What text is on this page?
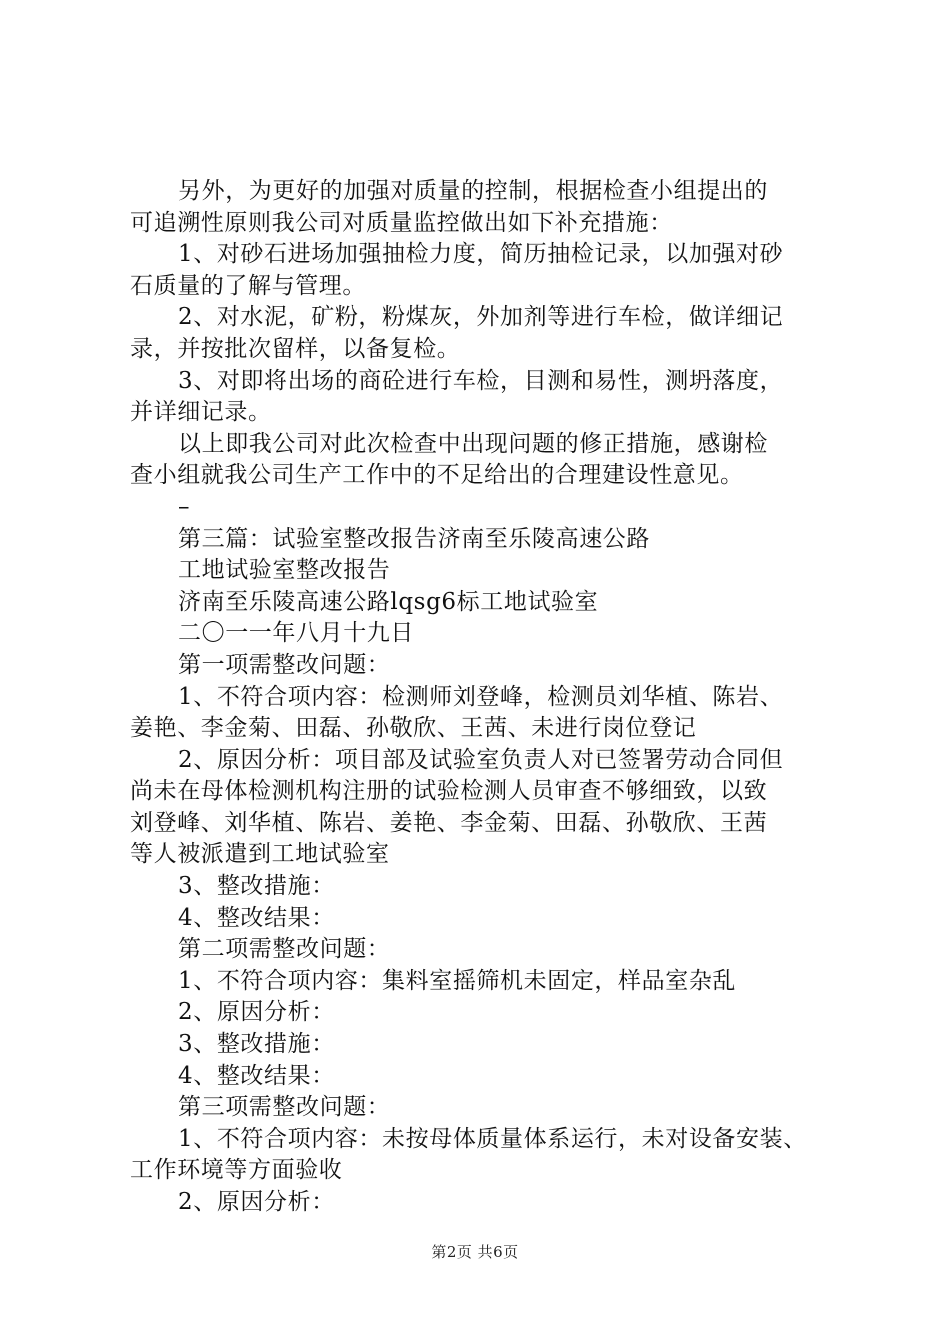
另外，为更好的加强对质量的控制，根据检查小组提出的
可追溯性原则我公司对质量监控做出如下补充措施：
1、对砂石进场加强抽检力度，简历抽检记录，以加强对砂
石质量的了解与管理。
2、对水泥，矿粉，粉煤灰，外加剂等进行车检，做详细记
录，并按批次留样，以备复检。
3、对即将出场的商砼进行车检，目测和易性，测坍落度，
并详细记录。
以上即我公司对此次检查中出现问题的修正措施，感谢检
查小组就我公司生产工作中的不足给出的合理建设性意见。
–
第三篇：试验室整改报告济南至乐陵高速公路
工地试验室整改报告
济南至乐陵高速公路lqsg6标工地试验室
二〇一一年八月十九日
第一项需整改问题：
1、不符合项内容：检测师刘登峰，检测员刘华植、陈岩、
姜艳、李金菊、田磊、孙敬欣、王茜、未进行岗位登记
2、原因分析：项目部及试验室负责人对已签署劳动合同但
尚未在母体检测机构注册的试验检测人员审查不够细致，以致
刘登峰、刘华植、陈岩、姜艳、李金菊、田磊、孙敬欣、王茜
等人被派遣到工地试验室
3、整改措施：
4、整改结果：
第二项需整改问题：
1、不符合项内容：集料室摇筛机未固定，样品室杂乱
2、原因分析：
3、整改措施：
4、整改结果：
第三项需整改问题：
1、不符合项内容：未按母体质量体系运行，未对设备安装、
工作环境等方面验收
2、原因分析：
第2页 共6页
